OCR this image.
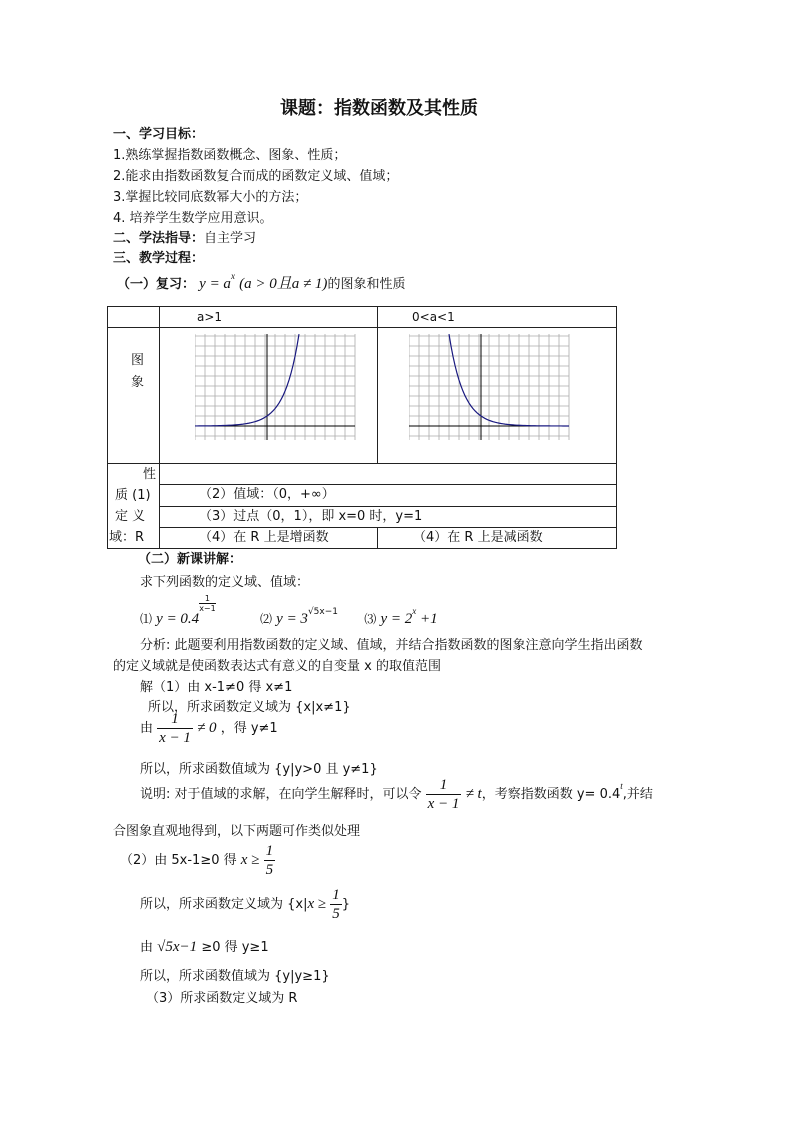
课题：指数函数及其性质
一、学习目标：
1.熟练掌握指数函数概念、图象、性质；
2.能求由指数函数复合而成的函数定义域、值域；
3.掌握比较同底数幂大小的方法；
4. 培养学生数学应用意识。
二、学法指导：自主学习
三、教学过程：
（一）复习： $y = a^x$ (a > 0且a ≠ 1)的图象和性质
a>1	0<a<1
图象
性
质 (1)
定 义
域：R
（2）值域：（0，+∞）
（3）过点（0，1），即 x=0 时，y=1
（4）在 R 上是增函数	（4）在 R 上是减函数
（二）新课讲解：
求下列函数的定义域、值域：
⑴ y = 0.4
$\frac{1}{x-1}$
⑵ $y = 3^{√5x-1}$ ⑶ $y = 2^x +1$
分析: 此题要利用指数函数的定义域、值域，并结合指数函数的图象注意向学生指出函数
的定义域就是使函数表达式有意义的自变量 x 的取值范围
解（1）由 x-1≠0 得 x≠1
所以，所求函数定义域为 {x|x≠1}
由 $\frac{1}{x - 1} \ne 0$ ，得 y≠1
所以，所求函数值域为 {y|y>0 且 y≠1}
说明: 对于值域的求解，在向学生解释时，可以令 $\frac{1}{x - 1} \ne t$，考察指数函数 $y= 0.4^t$,并结
合图象直观地得到，以下两题可作类似处理
（2）由 5x-1≥0 得 $x \ge \frac{1}{5}$
所以，所求函数定义域为 {$x|x \ge \frac{1}{5}$ }
由 √5x−1 ≥0 得 y≥1
所以，所求函数值域为 {y|y≥1}
（3）所求函数定义域为 R
